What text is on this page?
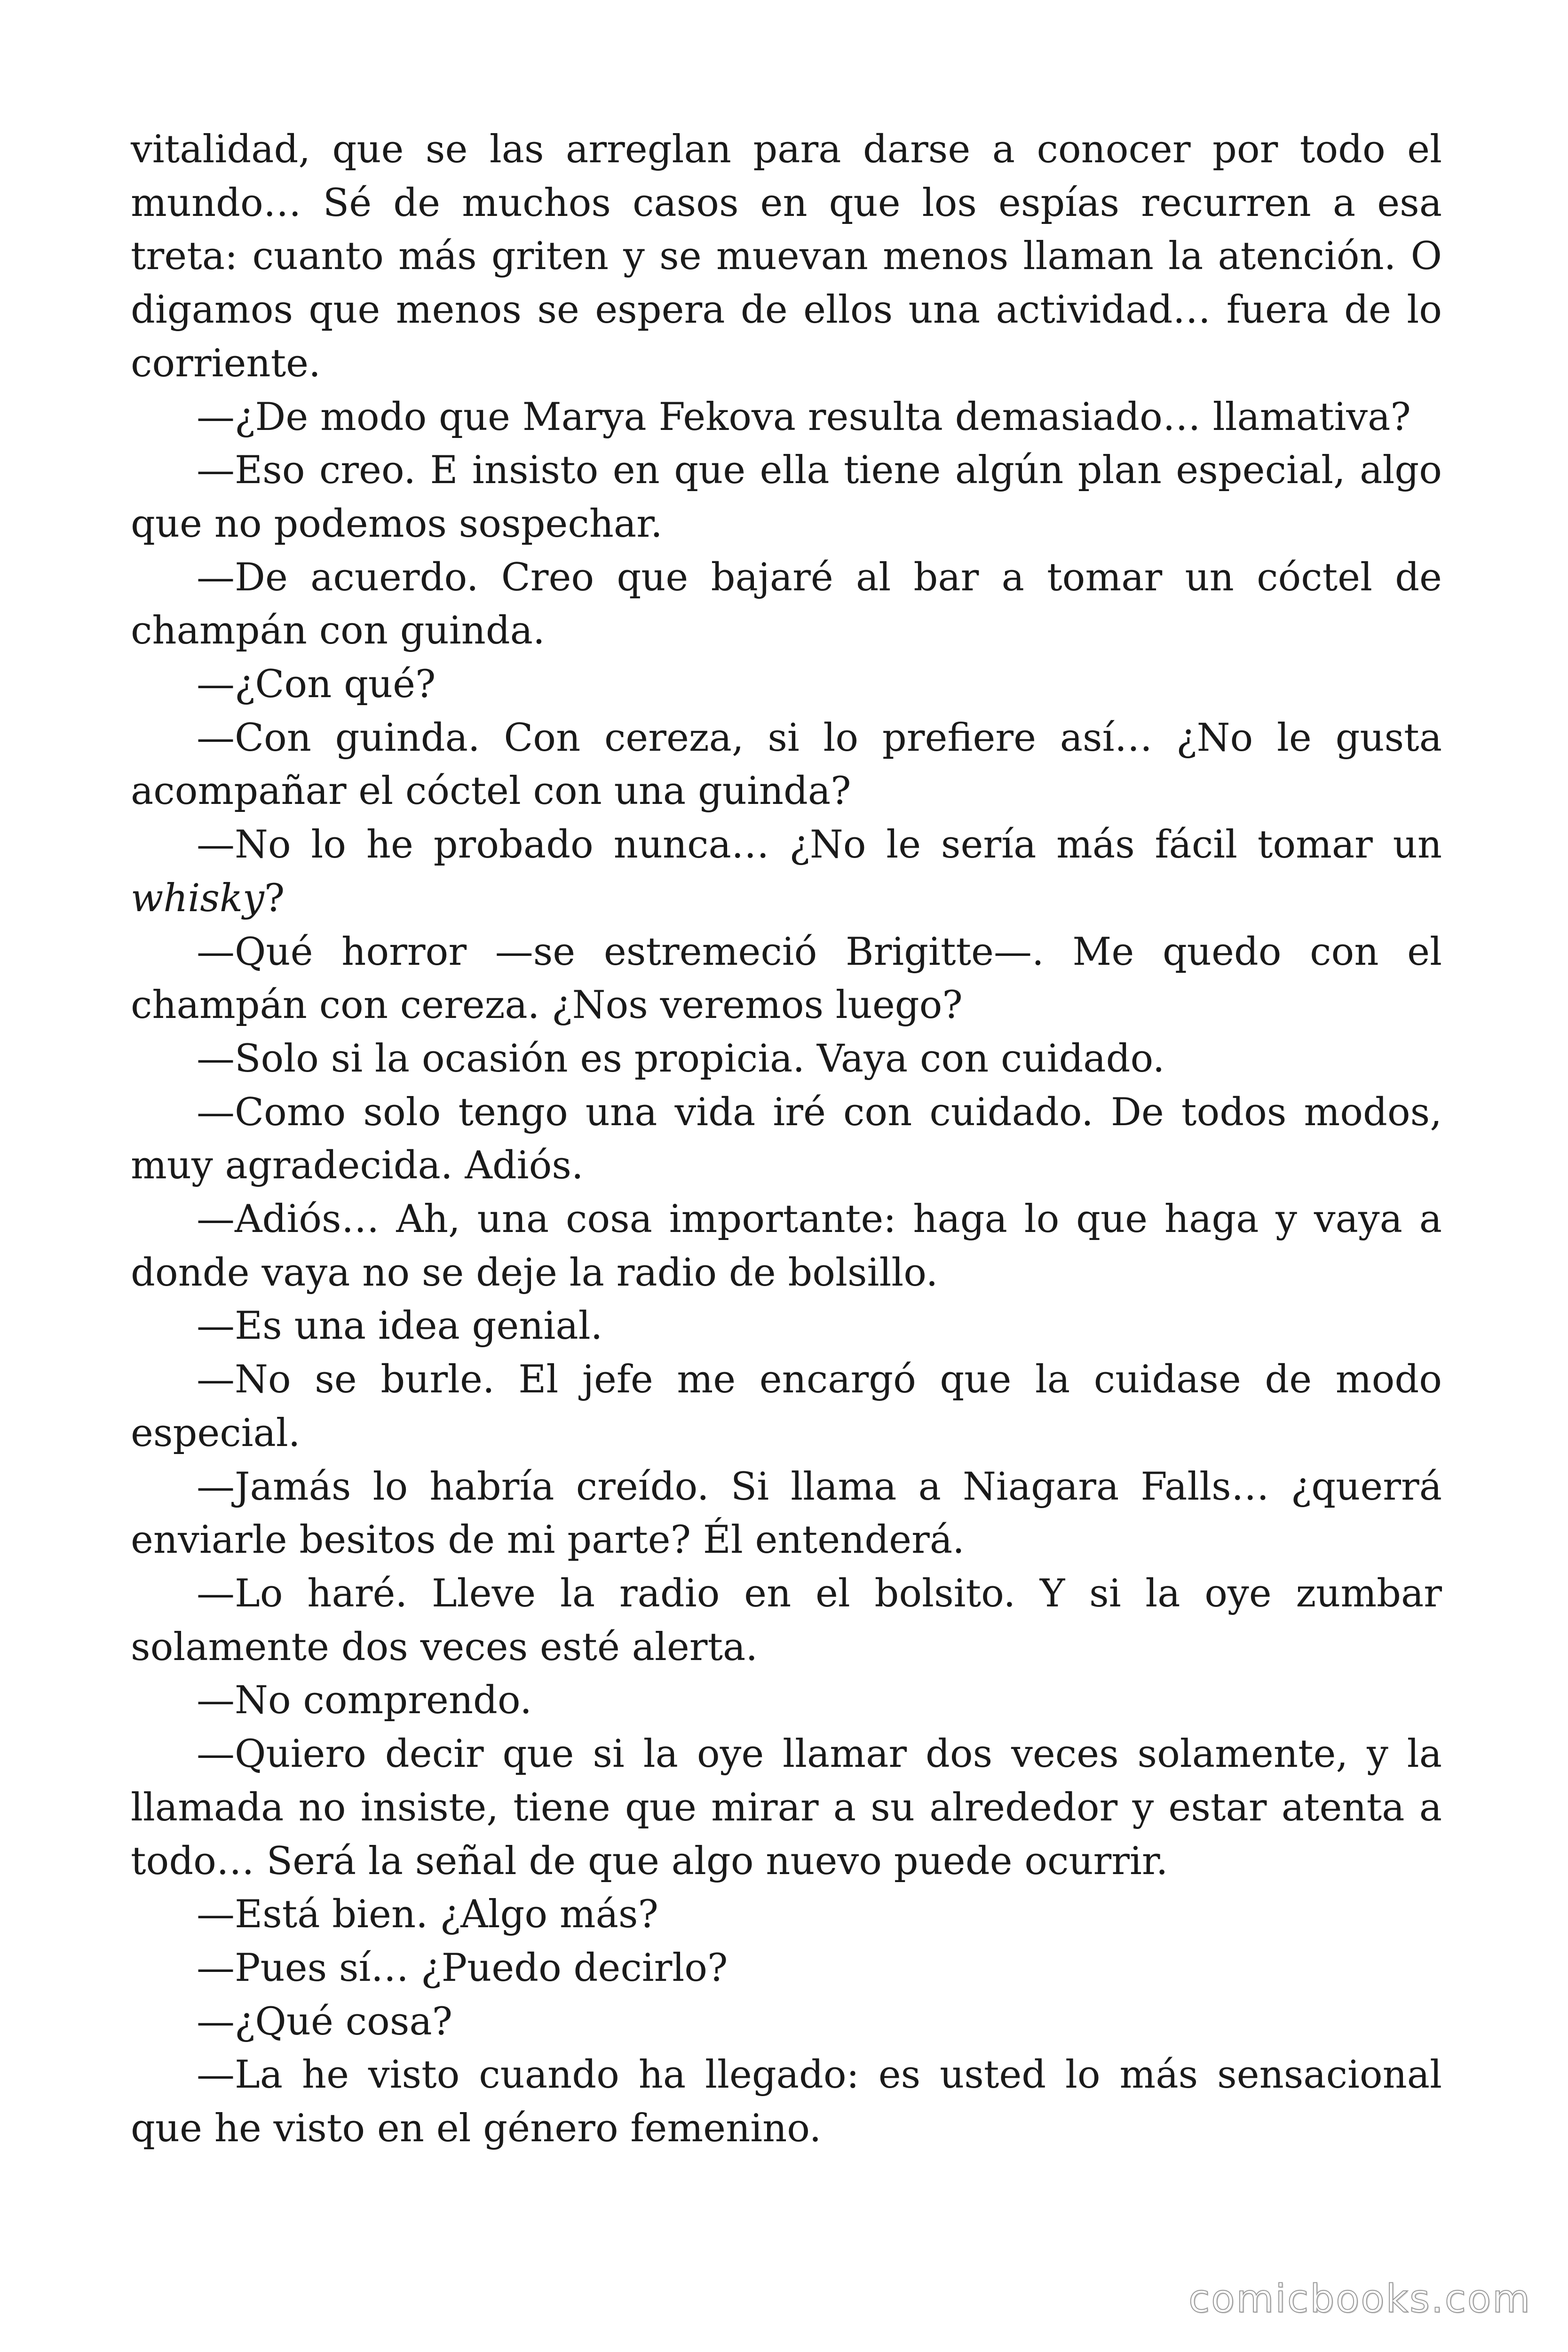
vitalidad, que se las arreglan para darse a conocer por todo el mundo… Sé de muchos casos en que los espías recurren a esa treta: cuanto más griten y se muevan menos llaman la atención. O digamos que menos se espera de ellos una actividad… fuera de lo corriente.

—¿De modo que Marya Fekova resulta demasiado… llamativa?

—Eso creo. E insisto en que ella tiene algún plan especial, algo que no podemos sospechar.

—De acuerdo. Creo que bajaré al bar a tomar un cóctel de champán con guinda.

—¿Con qué?

—Con guinda. Con cereza, si lo prefiere así… ¿No le gusta acompañar el cóctel con una guinda?

—No lo he probado nunca… ¿No le sería más fácil tomar un whisky?

—Qué horror —se estremeció Brigitte—. Me quedo con el champán con cereza. ¿Nos veremos luego?

—Solo si la ocasión es propicia. Vaya con cuidado.

—Como solo tengo una vida iré con cuidado. De todos modos, muy agradecida. Adiós.

—Adiós… Ah, una cosa importante: haga lo que haga y vaya a donde vaya no se deje la radio de bolsillo.

—Es una idea genial.

—No se burle. El jefe me encargó que la cuidase de modo especial.

—Jamás lo habría creído. Si llama a Niagara Falls… ¿querrá enviarle besitos de mi parte? Él entenderá.

—Lo haré. Lleve la radio en el bolsito. Y si la oye zumbar solamente dos veces esté alerta.

—No comprendo.

—Quiero decir que si la oye llamar dos veces solamente, y la llamada no insiste, tiene que mirar a su alrededor y estar atenta a todo… Será la señal de que algo nuevo puede ocurrir.

—Está bien. ¿Algo más?

—Pues sí… ¿Puedo decirlo?

—¿Qué cosa?

—La he visto cuando ha llegado: es usted lo más sensacional que he visto en el género femenino.

comicbooks.com
